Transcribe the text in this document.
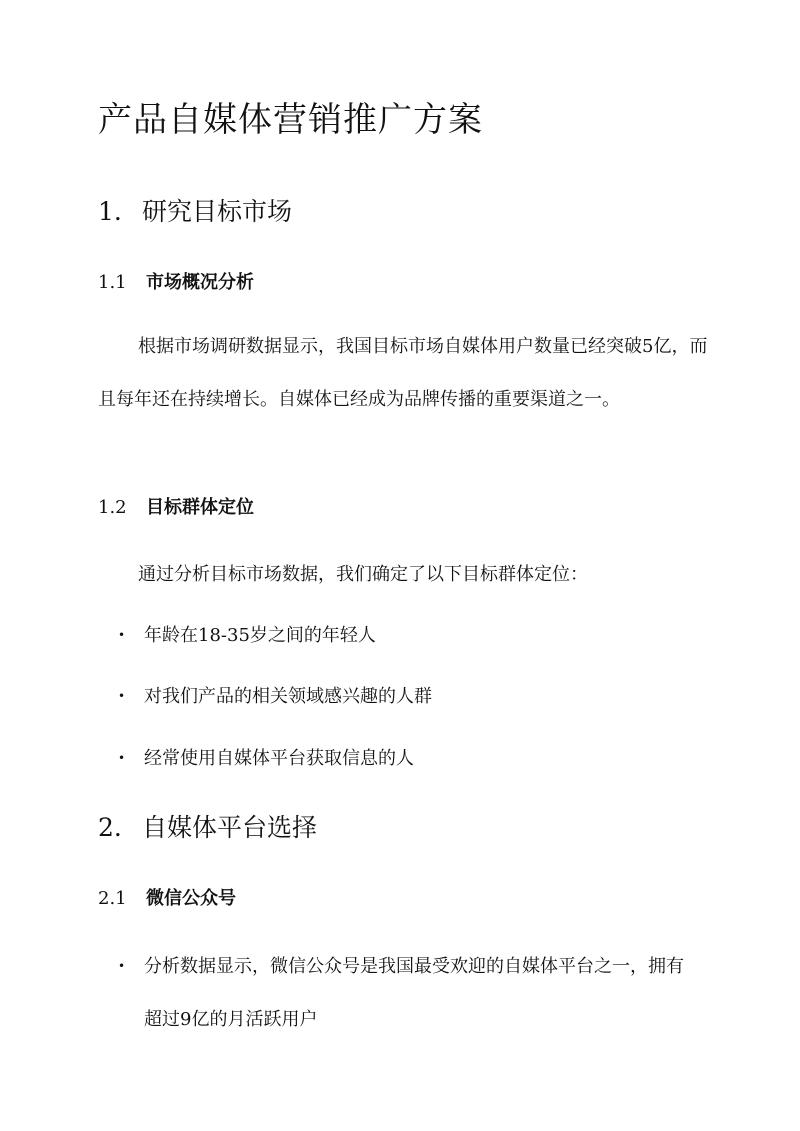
产品自媒体营销推广方案
1. 研究目标市场
1.1 市场概况分析

根据市场调研数据显示，我国目标市场自媒体用户数量已经突破5亿，而且每年还在持续增长。自媒体已经成为品牌传播的重要渠道之一。

1.2 目标群体定位

通过分析目标市场数据，我们确定了以下目标群体定位：

•	年龄在18-35岁之间的年轻人
•	对我们产品的相关领域感兴趣的人群
•	经常使用自媒体平台获取信息的人
2. 自媒体平台选择
2.1 微信公众号
•	分析数据显示，微信公众号是我国最受欢迎的自媒体平台之一，拥有超过9亿的月活跃用户
